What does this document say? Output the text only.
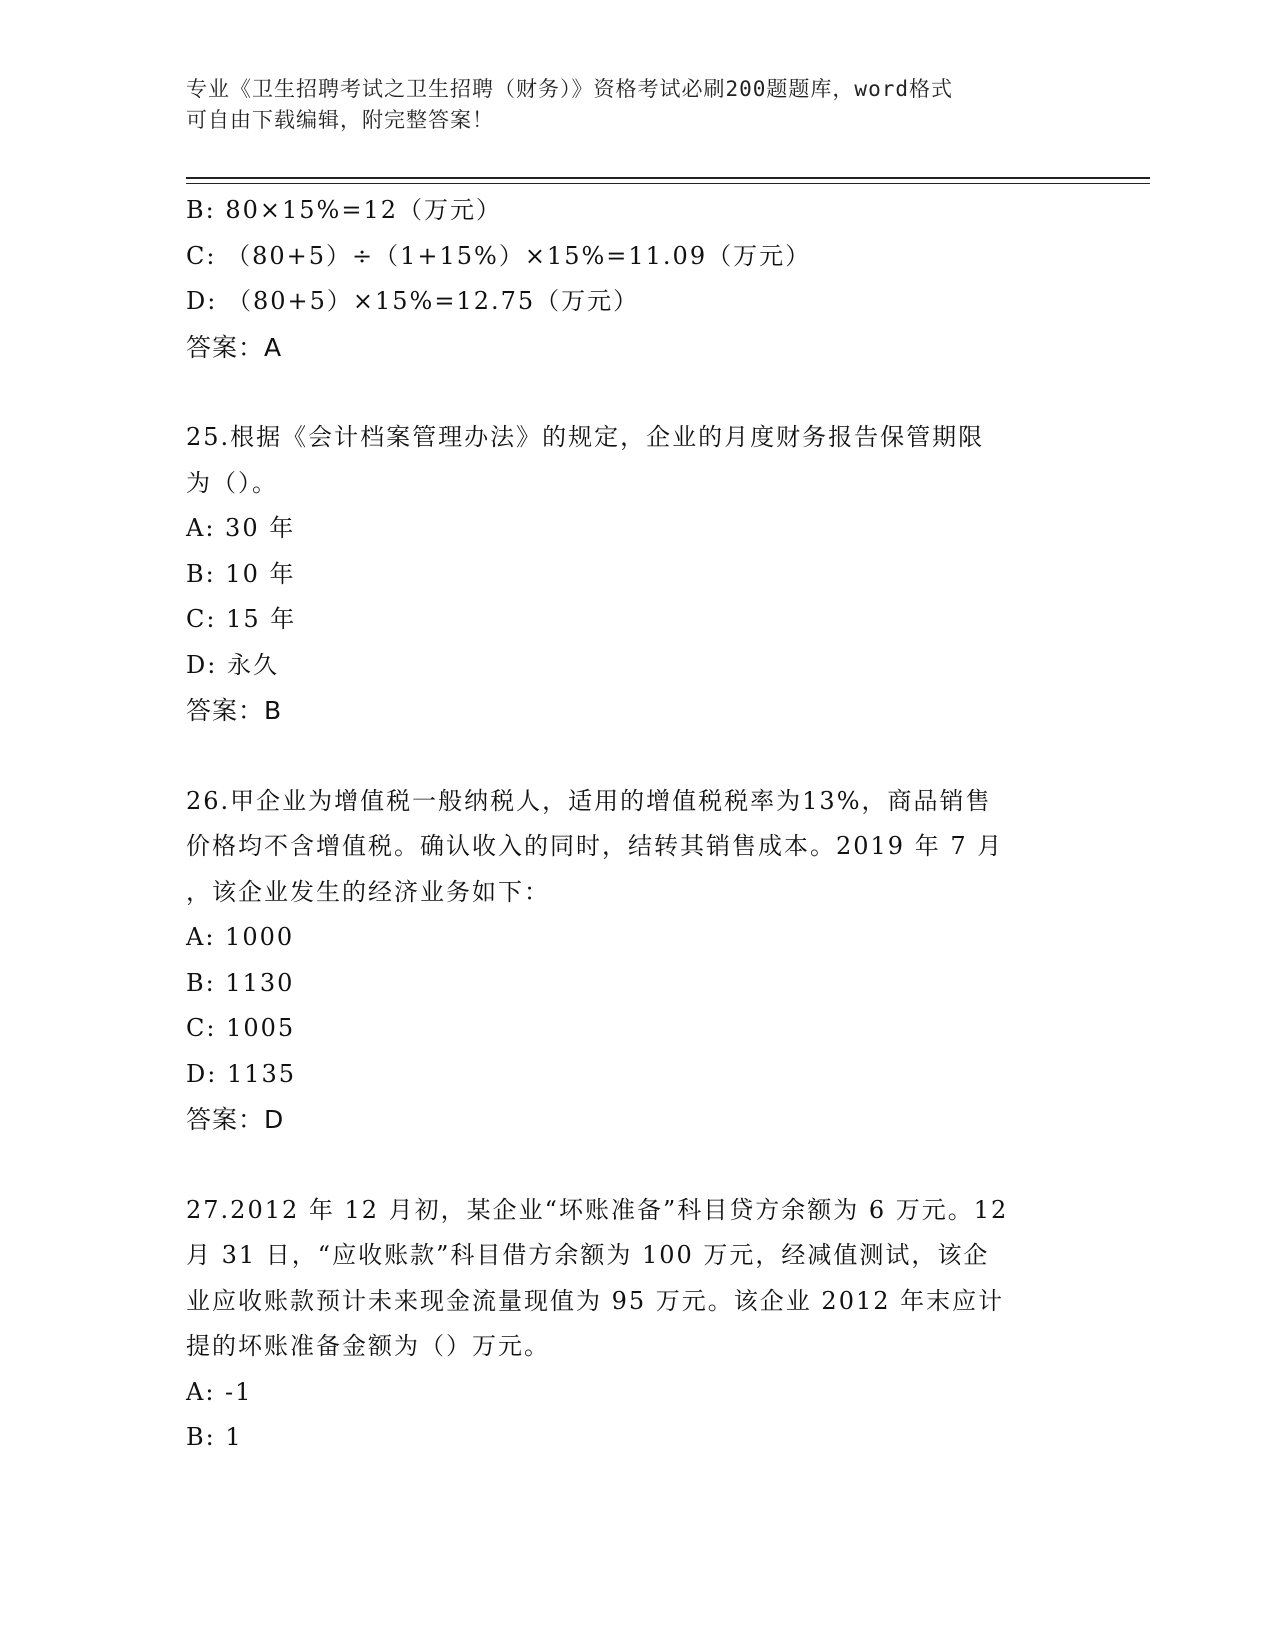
专业《卫生招聘考试之卫生招聘（财务）》资格考试必刷200题题库，word格式
可自由下载编辑，附完整答案！
B: 80×15%=12（万元）
C: （80+5）÷（1+15%）×15%=11.09（万元）
D: （80+5）×15%=12.75（万元）
答案：A
25.根据《会计档案管理办法》的规定，企业的月度财务报告保管期限
为（）。
A: 30 年
B: 10 年
C: 15 年
D: 永久
答案：B
26.甲企业为增值税一般纳税人，适用的增值税税率为13%，商品销售
价格均不含增值税。确认收入的同时，结转其销售成本。2019 年 7 月
，该企业发生的经济业务如下：
A: 1000
B: 1130
C: 1005
D: 1135
答案：D
27.2012 年 12 月初，某企业“坏账准备”科目贷方余额为 6 万元。12
月 31 日，“应收账款”科目借方余额为 100 万元，经减值测试，该企
业应收账款预计未来现金流量现值为 95 万元。该企业 2012 年末应计
提的坏账准备金额为（）万元。
A: -1
B: 1
